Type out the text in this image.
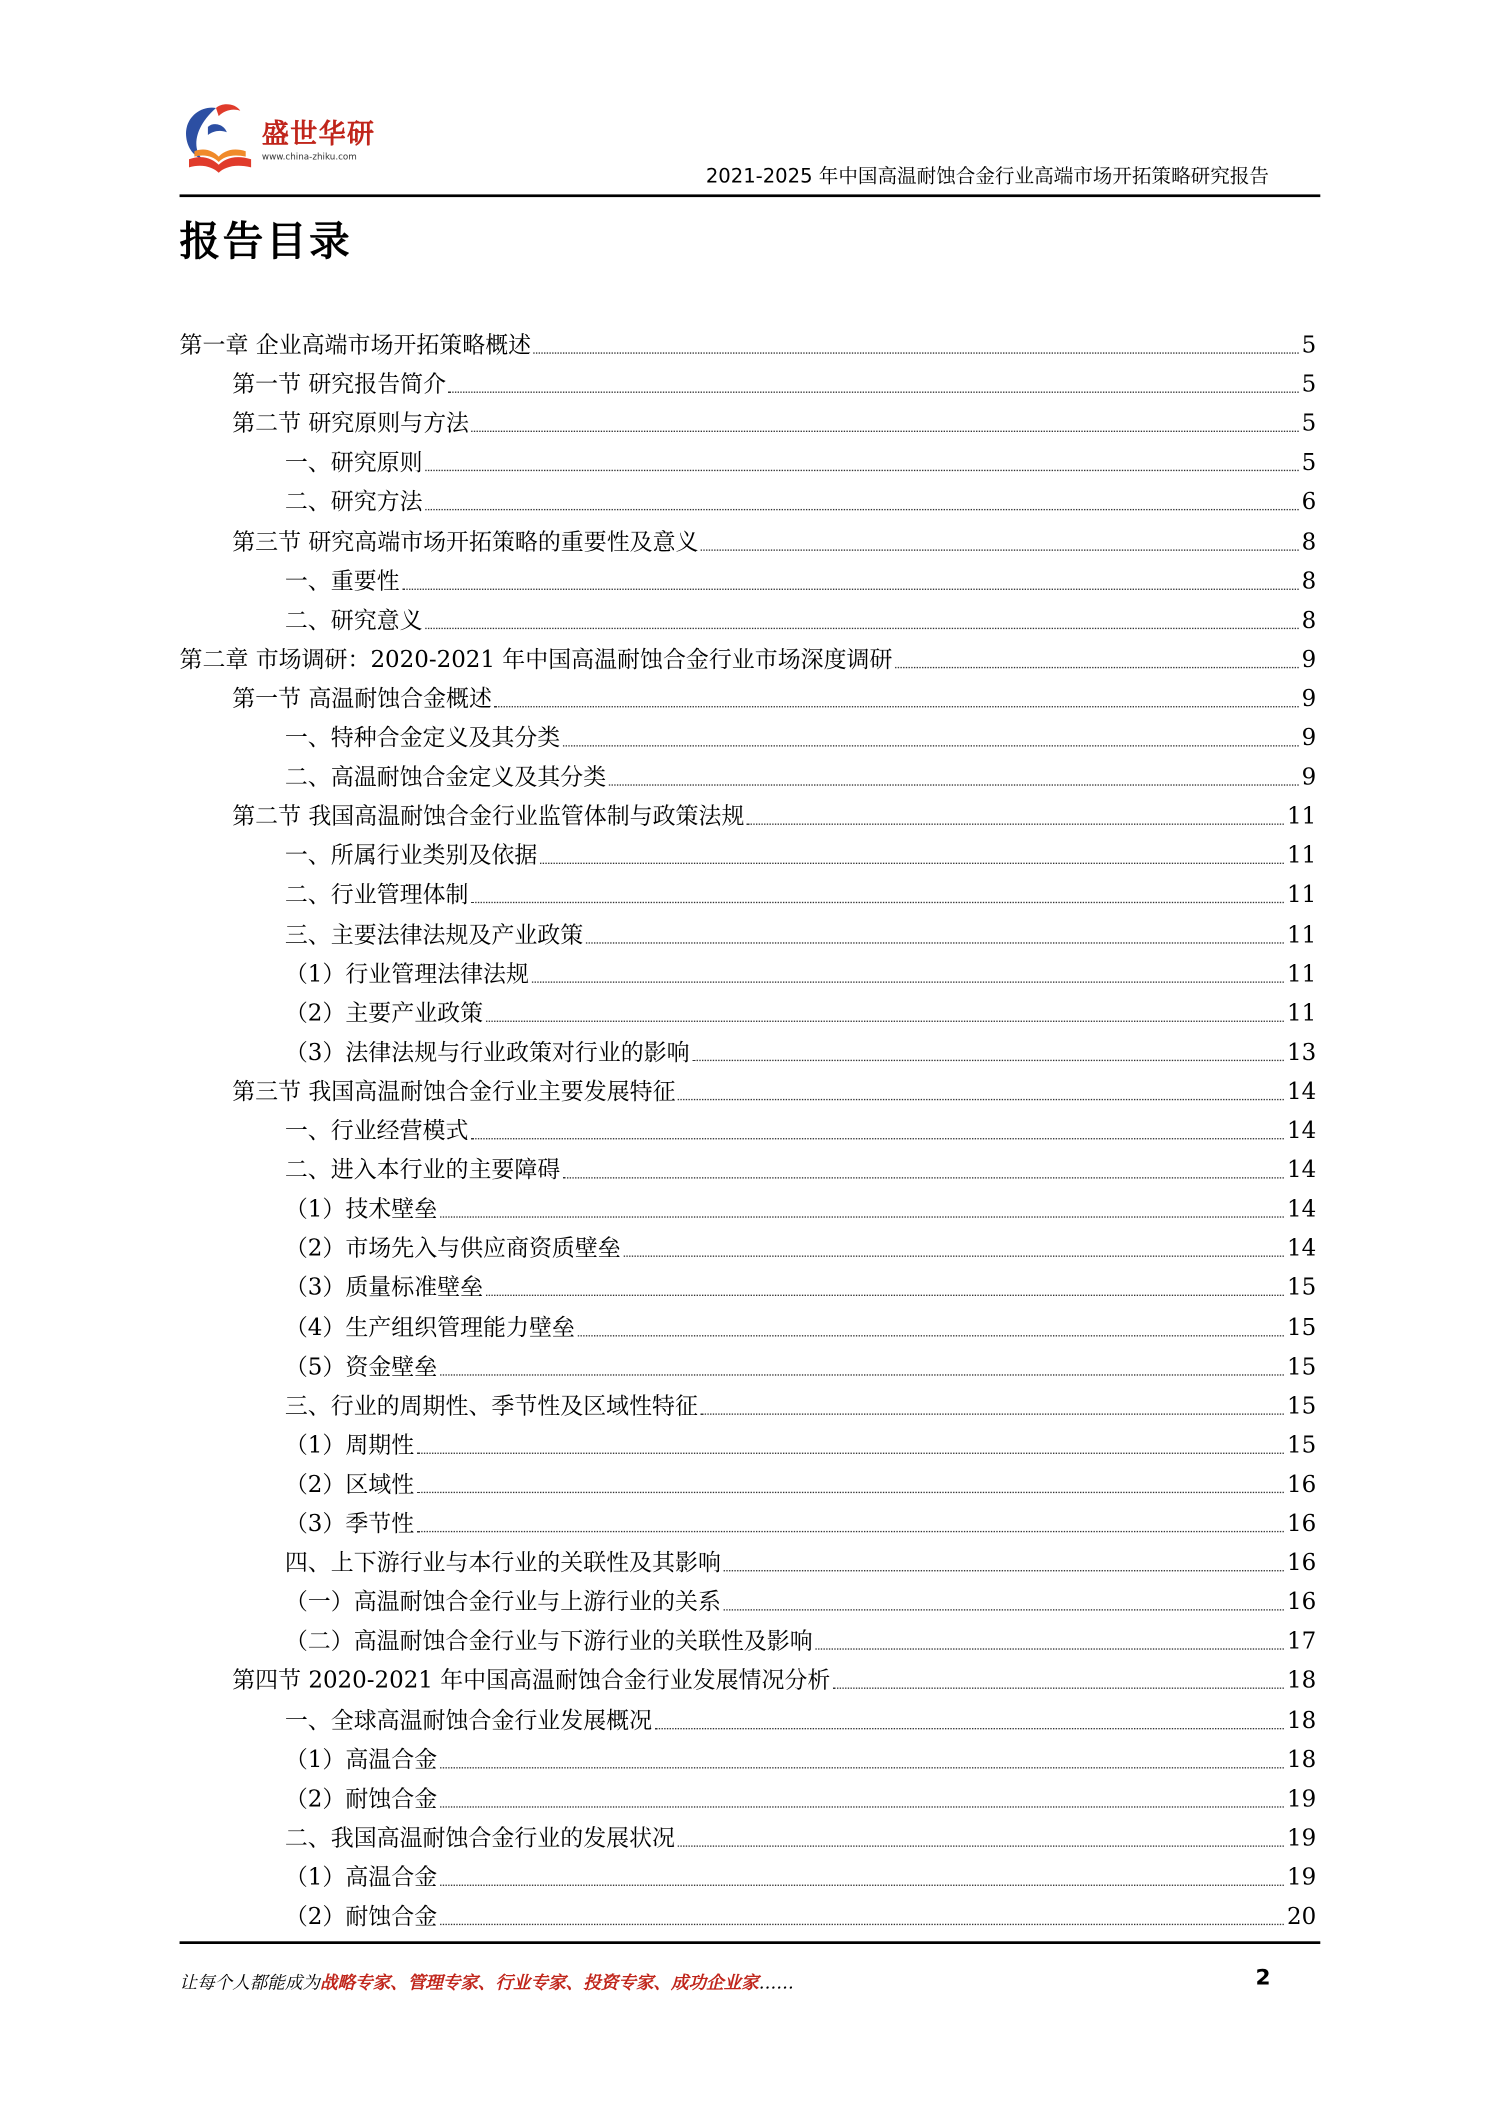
盛世华研
www.china-zhiku.com
2021-2025 年中国高温耐蚀合金行业高端市场开拓策略研究报告
报告目录
第一章 企业高端市场开拓策略概述	5
第一节 研究报告简介	5
第二节 研究原则与方法	5
一、研究原则	5
二、研究方法	6
第三节 研究高端市场开拓策略的重要性及意义	8
一、重要性	8
二、研究意义	8
第二章 市场调研：2020-2021 年中国高温耐蚀合金行业市场深度调研	9
第一节 高温耐蚀合金概述	9
一、特种合金定义及其分类	9
二、高温耐蚀合金定义及其分类	9
第二节 我国高温耐蚀合金行业监管体制与政策法规	11
一、所属行业类别及依据	11
二、行业管理体制	11
三、主要法律法规及产业政策	11
（1）行业管理法律法规	11
（2）主要产业政策	11
（3）法律法规与行业政策对行业的影响	13
第三节 我国高温耐蚀合金行业主要发展特征	14
一、行业经营模式	14
二、进入本行业的主要障碍	14
（1）技术壁垒	14
（2）市场先入与供应商资质壁垒	14
（3）质量标准壁垒	15
（4）生产组织管理能力壁垒	15
（5）资金壁垒	15
三、行业的周期性、季节性及区域性特征	15
（1）周期性	15
（2）区域性	16
（3）季节性	16
四、上下游行业与本行业的关联性及其影响	16
（一）高温耐蚀合金行业与上游行业的关系	16
（二）高温耐蚀合金行业与下游行业的关联性及影响	17
第四节 2020-2021 年中国高温耐蚀合金行业发展情况分析	18
一、全球高温耐蚀合金行业发展概况	18
（1）高温合金	18
（2）耐蚀合金	19
二、我国高温耐蚀合金行业的发展状况	19
（1）高温合金	19
（2）耐蚀合金	20
让每个人都能成为战略专家、管理专家、行业专家、投资专家、成功企业家……	2
